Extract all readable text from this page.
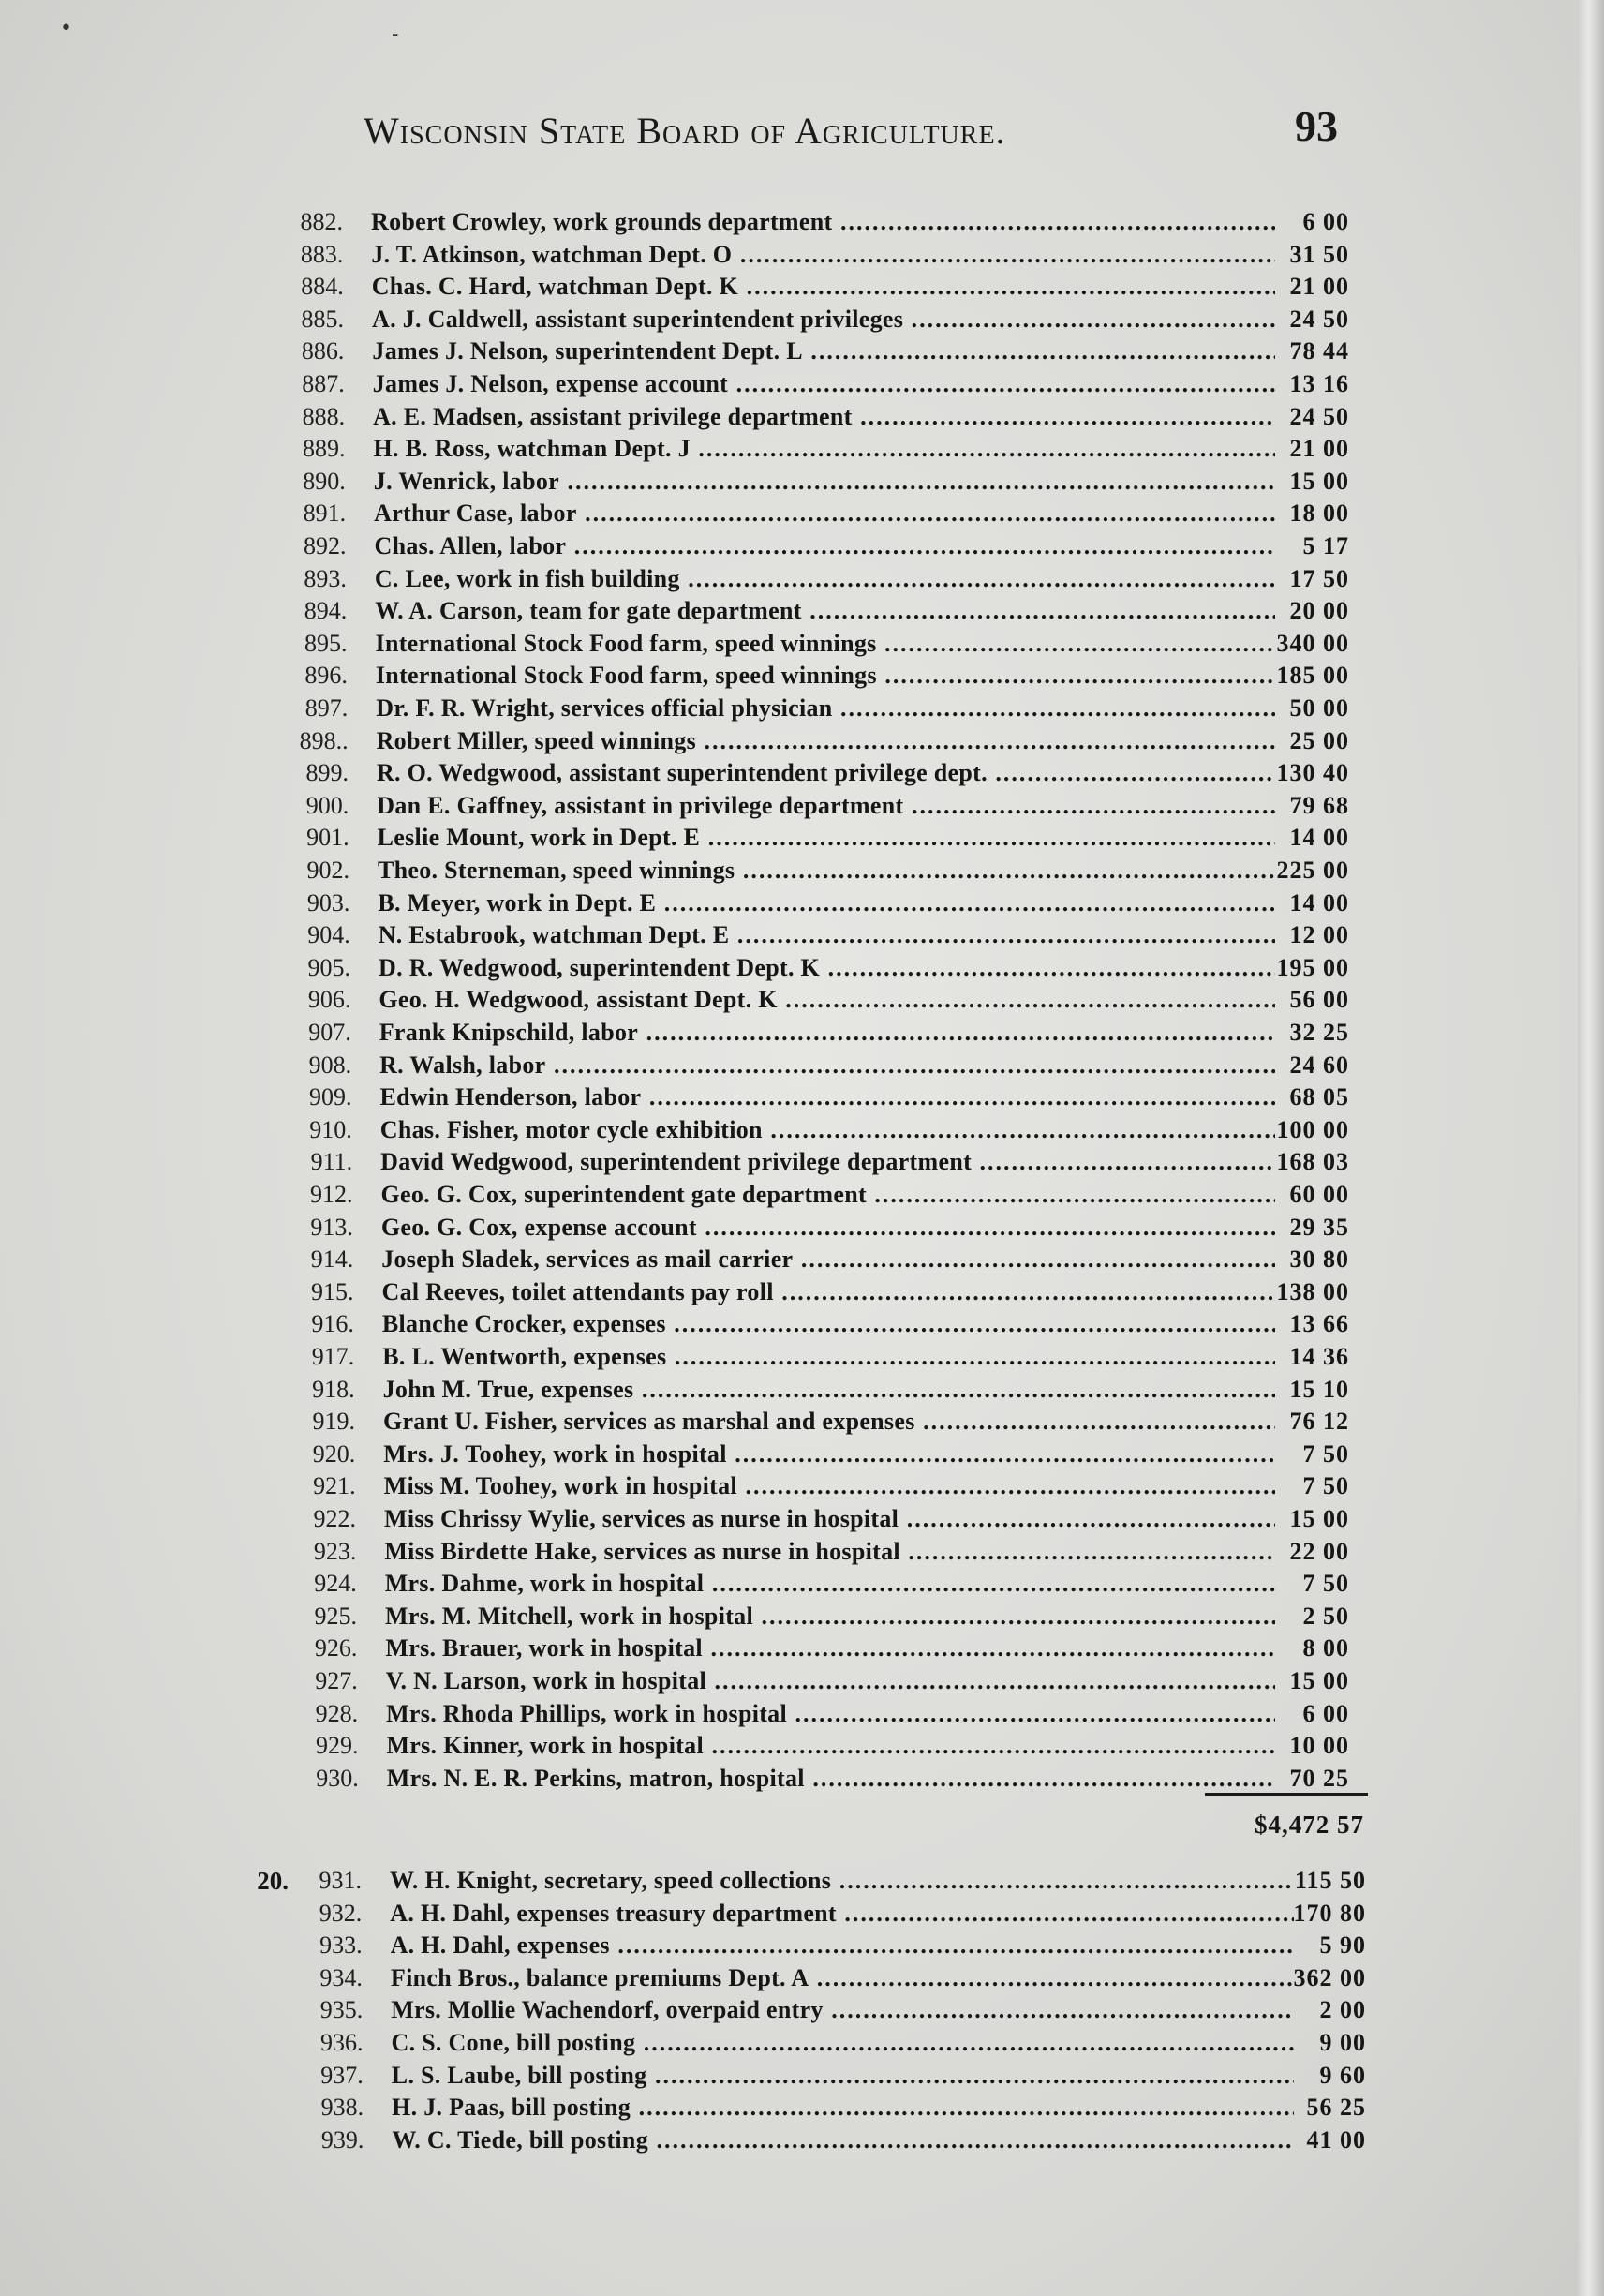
•	-
Wisconsin State Board of Agriculture.	93
882. Robert Crowley, work grounds department .....	6 00
883. J. T. Atkinson, watchman Dept. O .....	31 50
884. Chas. C. Hard, watchman Dept. K .....	21 00
885. A. J. Caldwell, assistant superintendent privileges .....	24 50
886. James J. Nelson, superintendent Dept. L .....	78 44
887. James J. Nelson, expense account .....	13 16
888. A. E. Madsen, assistant privilege department .....	24 50
889. H. B. Ross, watchman Dept. J .....	21 00
890. J. Wenrick, labor .....	15 00
891. Arthur Case, labor .....	18 00
892. Chas. Allen, labor .....	5 17
893. C. Lee, work in fish building .....	17 50
894. W. A. Carson, team for gate department .....	20 00
895. International Stock Food farm, speed winnings .....	340 00
896. International Stock Food farm, speed winnings .....	185 00
897. Dr. F. R. Wright, services official physician .....	50 00
898.. Robert Miller, speed winnings .....	25 00
899. R. O. Wedgwood, assistant superintendent privilege dept. .....	130 40
900. Dan E. Gaffney, assistant in privilege department .....	79 68
901. Leslie Mount, work in Dept. E .....	14 00
902. Theo. Sterneman, speed winnings .....	225 00
903. B. Meyer, work in Dept. E .....	14 00
904. N. Estabrook, watchman Dept. E .....	12 00
905. D. R. Wedgwood, superintendent Dept. K .....	195 00
906. Geo. H. Wedgwood, assistant Dept. K .....	56 00
907. Frank Knipschild, labor .....	32 25
908. R. Walsh, labor .....	24 60
909. Edwin Henderson, labor .....	68 05
910. Chas. Fisher, motor cycle exhibition .....	100 00
911. David Wedgwood, superintendent privilege department .....	168 03
912. Geo. G. Cox, superintendent gate department .....	60 00
913. Geo. G. Cox, expense account .....	29 35
914. Joseph Sladek, services as mail carrier .....	30 80
915. Cal Reeves, toilet attendants pay roll .....	138 00
916. Blanche Crocker, expenses .....	13 66
917. B. L. Wentworth, expenses .....	14 36
918. John M. True, expenses .....	15 10
919. Grant U. Fisher, services as marshal and expenses .....	76 12
920. Mrs. J. Toohey, work in hospital .....	7 50
921. Miss M. Toohey, work in hospital .....	7 50
922. Miss Chrissy Wylie, services as nurse in hospital .....	15 00
923. Miss Birdette Hake, services as nurse in hospital .....	22 00
924. Mrs. Dahme, work in hospital .....	7 50
925. Mrs. M. Mitchell, work in hospital .....	2 50
926. Mrs. Brauer, work in hospital .....	8 00
927. V. N. Larson, work in hospital .....	15 00
928. Mrs. Rhoda Phillips, work in hospital .....	6 00
929. Mrs. Kinner, work in hospital .....	10 00
930. Mrs. N. E. R. Perkins, matron, hospital .....	70 25
$4,472 57
20.	931. W. H. Knight, secretary, speed collections .....	115 50
932. A. H. Dahl, expenses treasury department .....	170 80
933. A. H. Dahl, expenses .....	5 90
934. Finch Bros., balance premiums Dept. A .....	362 00
935. Mrs. Mollie Wachendorf, overpaid entry .....	2 00
936. C. S. Cone, bill posting .....	9 00
937. L. S. Laube, bill posting .....	9 60
938. H. J. Paas, bill posting .....	56 25
939. W. C. Tiede, bill posting .....	41 00
